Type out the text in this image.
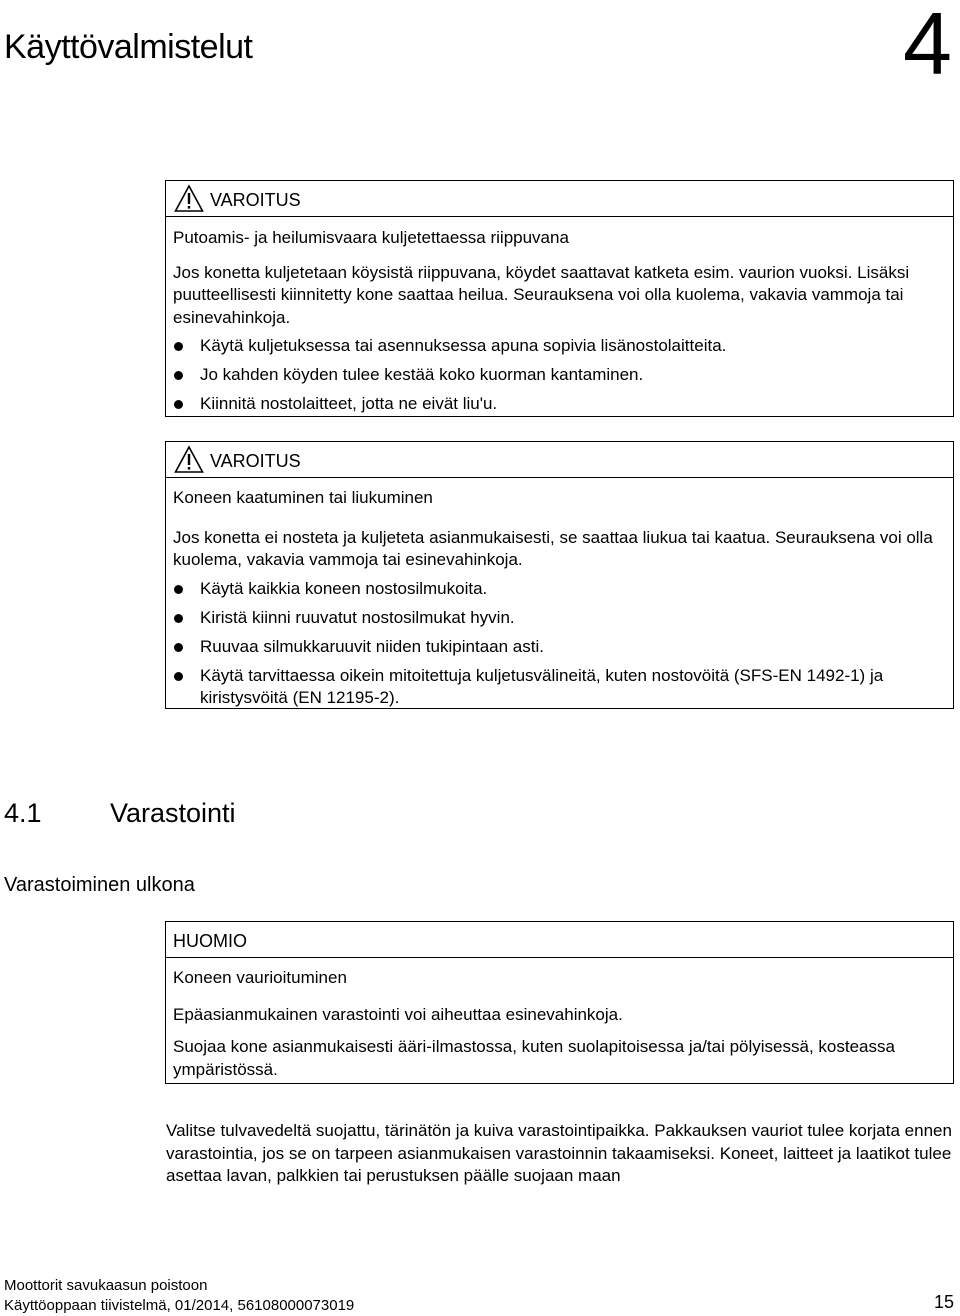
Käyttövalmistelut	4
VAROITUS

Putoamis- ja heilumisvaara kuljetettaessa riippuvana

Jos konetta kuljetetaan köysistä riippuvana, köydet saattavat katketa esim. vaurion vuoksi. Lisäksi puutteellisesti kiinnitetty kone saattaa heilua. Seurauksena voi olla kuolema, vakavia vammoja tai esinevahinkoja.

Käytä kuljetuksessa tai asennuksessa apuna sopivia lisänostolaitteita.
Jo kahden köyden tulee kestää koko kuorman kantaminen.
Kiinnitä nostolaitteet, jotta ne eivät liu'u.
VAROITUS

Koneen kaatuminen tai liukuminen

Jos konetta ei nosteta ja kuljeteta asianmukaisesti, se saattaa liukua tai kaatua. Seurauksena voi olla kuolema, vakavia vammoja tai esinevahinkoja.

Käytä kaikkia koneen nostosilmukoita.
Kiristä kiinni ruuvatut nostosilmukat hyvin.
Ruuvaa silmukkaruuvit niiden tukipintaan asti.
Käytä tarvittaessa oikein mitoitettuja kuljetusvälineitä, kuten nostovöitä (SFS-EN 1492-1) ja kiristysvöitä (EN 12195-2).
4.1	Varastointi
Varastoiminen ulkona
HUOMIO

Koneen vaurioituminen

Epäasianmukainen varastointi voi aiheuttaa esinevahinkoja.

Suojaa kone asianmukaisesti ääri-ilmastossa, kuten suolapitoisessa ja/tai pölyisessä, kosteassa ympäristössä.

Valitse tulvavedeltä suojattu, tärinätön ja kuiva varastointipaikka. Pakkauksen vauriot tulee korjata ennen varastointia, jos se on tarpeen asianmukaisen varastoinnin takaamiseksi. Koneet, laitteet ja laatikot tulee asettaa lavan, palkkien tai perustuksen päälle suojaan maan

Moottorit savukaasun poistoon
Käyttöoppaan tiivistelmä, 01/2014, 56108000073019	15
